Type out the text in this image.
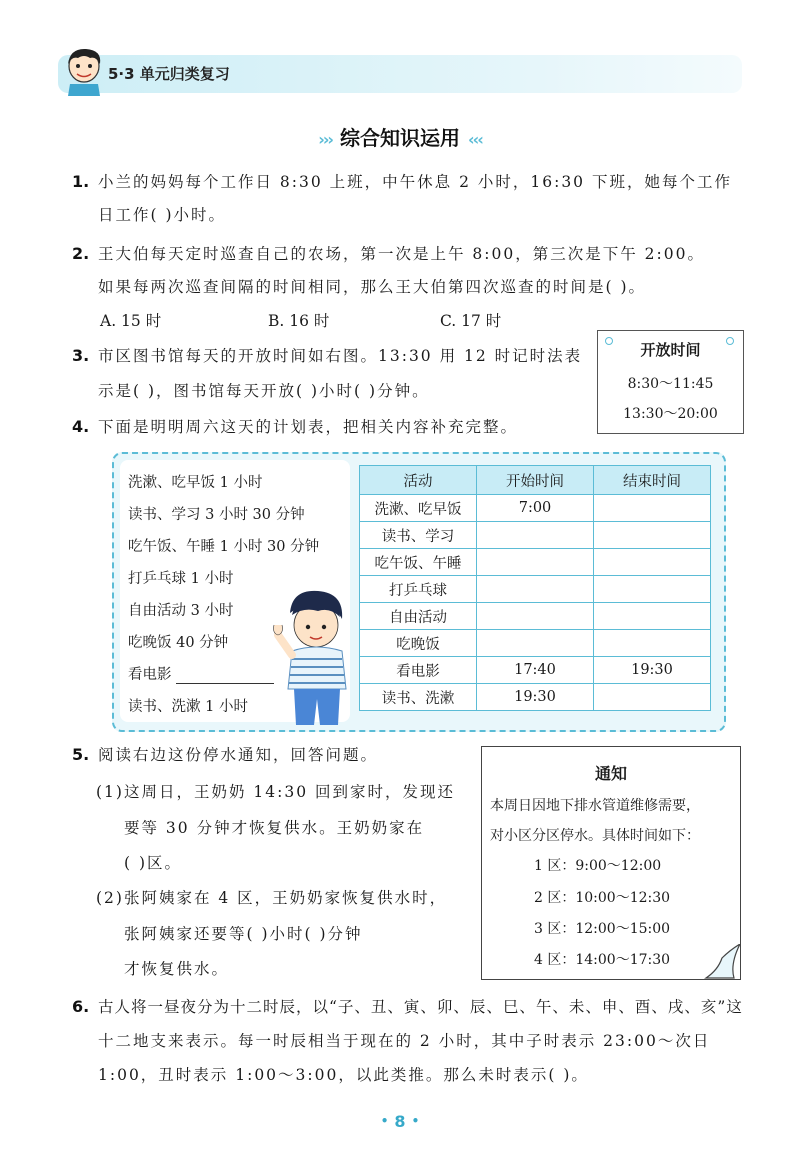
5·3 单元归类复习
››› 综合知识运用 ‹‹‹
1. 小兰的妈妈每个工作日 8:30 上班，中午休息 2 小时，16:30 下班，她每个工作
日工作( )小时。
2. 王大伯每天定时巡查自己的农场，第一次是上午 8:00，第三次是下午 2:00。
如果每两次巡查间隔的时间相同，那么王大伯第四次巡查的时间是( )。
A. 15 时	B. 16 时	C. 17 时
3. 市区图书馆每天的开放时间如右图。13:30 用 12 时记时法表
示是( )，图书馆每天开放( )小时( )分钟。
开放时间
8:30～11:45
13:30～20:00
4. 下面是明明周六这天的计划表，把相关内容补充完整。
洗漱、吃早饭 1 小时
读书、学习 3 小时 30 分钟
吃午饭、午睡 1 小时 30 分钟
打乒乓球 1 小时
自由活动 3 小时
吃晚饭 40 分钟
看电影
读书、洗漱 1 小时
活动	开始时间	结束时间
洗漱、吃早饭	7:00	
读书、学习		
吃午饭、午睡		
打乒乓球		
自由活动		
吃晚饭		
看电影	17:40	19:30
读书、洗漱	19:30	
5. 阅读右边这份停水通知，回答问题。
(1)这周日，王奶奶 14:30 回到家时，发现还
要等 30 分钟才恢复供水。王奶奶家在
( )区。
(2)张阿姨家在 4 区，王奶奶家恢复供水时，
张阿姨家还要等( )小时( )分钟
才恢复供水。
通知
本周日因地下排水管道维修需要，
对小区分区停水。具体时间如下：
1 区：9:00～12:00
2 区：10:00～12:30
3 区：12:00～15:00
4 区：14:00～17:30
6. 古人将一昼夜分为十二时辰，以“子、丑、寅、卯、辰、巳、午、未、申、酉、戌、亥”这
十二地支来表示。每一时辰相当于现在的 2 小时，其中子时表示 23:00～次日
1:00，丑时表示 1:00～3:00，以此类推。那么未时表示( )。
• 8 •
